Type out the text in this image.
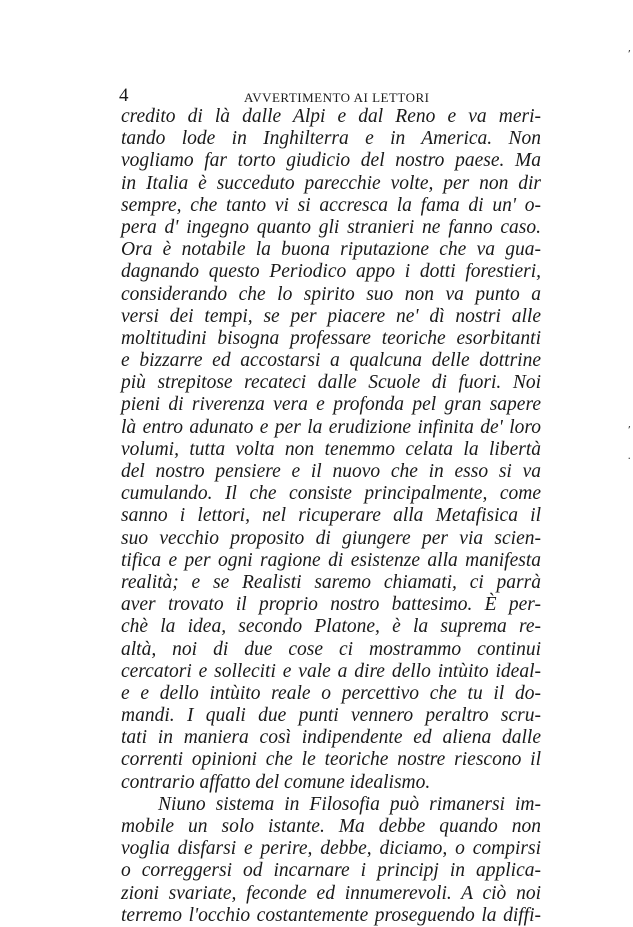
4	AVVERTIMENTO AI LETTORI
credito di là dalle Alpi e dal Reno e va meri-
tando lode in Inghilterra e in America. Non
vogliamo far torto giudicio del nostro paese. Ma
in Italia è succeduto parecchie volte, per non dir
sempre, che tanto vi si accresca la fama di un' o-
pera d' ingegno quanto gli stranieri ne fanno caso.
Ora è notabile la buona riputazione che va gua-
dagnando questo Periodico appo i dotti forestieri,
considerando che lo spirito suo non va punto a
versi dei tempi, se per piacere ne' dì nostri alle
moltitudini bisogna professare teoriche esorbitanti
e bizzarre ed accostarsi a qualcuna delle dottrine
più strepitose recateci dalle Scuole di fuori. Noi
pieni di riverenza vera e profonda pel gran sapere
là entro adunato e per la erudizione infinita de' loro
volumi, tutta volta non tenemmo celata la libertà
del nostro pensiere e il nuovo che in esso si va
cumulando. Il che consiste principalmente, come
sanno i lettori, nel ricuperare alla Metafisica il
suo vecchio proposito di giungere per via scien-
tifica e per ogni ragione di esistenze alla manifesta
realità; e se Realisti saremo chiamati, ci parrà
aver trovato il proprio nostro battesimo. È per-
chè la idea, secondo Platone, è la suprema re-
altà, noi di due cose ci mostrammo continui
cercatori e solleciti e vale a dire dello intùito ideal-
e e dello intùito reale o percettivo che tu il do-
mandi. I quali due punti vennero peraltro scru-
tati in maniera così indipendente ed aliena dalle
correnti opinioni che le teoriche nostre riescono il
contrario affatto del comune idealismo.
Niuno sistema in Filosofia può rimanersi im-
mobile un solo istante. Ma debbe quando non
voglia disfarsi e perire, debbe, diciamo, o compirsi
o correggersi od incarnare i principj in applica-
zioni svariate, feconde ed innumerevoli. A ciò noi
terremo l'occhio costantemente proseguendo la diffi-
ʼ
ʼ
·
